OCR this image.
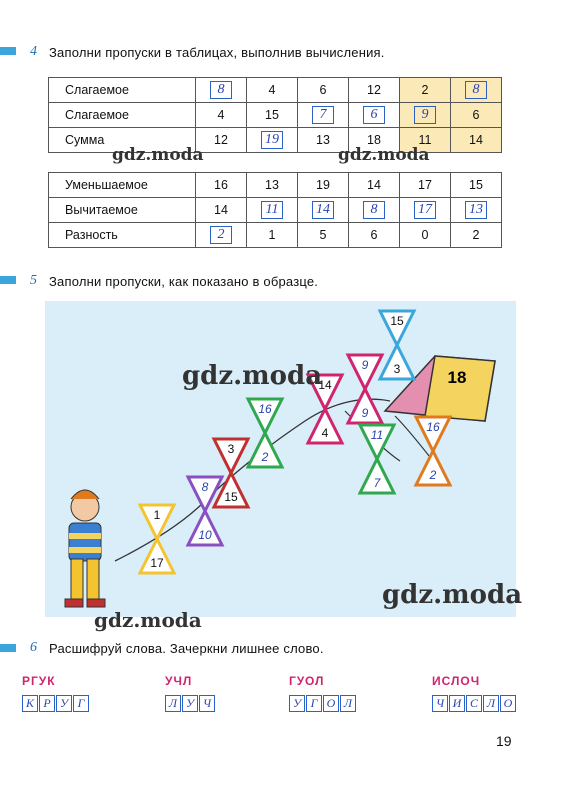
4 Заполни пропуски в таблицах, выполнив вычисления.
Слагаемое	8	4	6	12	2	8
Слагаемое	4	15	7	6	9	6
Сумма	12	19	13	18	11	14
Уменьшаемое	16	13	19	14	17	15
Вычитаемое	14	11	14	8	17	13
Разность	2	1	5	6	0	2
gdz.moda	gdz.moda
5 Заполни пропуски, как показано в образце.
18
15
3
9
9
14
4	11
7
16
2
16
2
3
15
8
10
1
17
gdz.moda
gdz.moda
gdz.moda
6 Расшифруй слова. Зачеркни лишнее слово.
РГУК
К Р У Г
УЧЛ
Л У Ч
ГУОЛ
У Г О Л
ИСЛОЧ
Ч И С Л О
19
